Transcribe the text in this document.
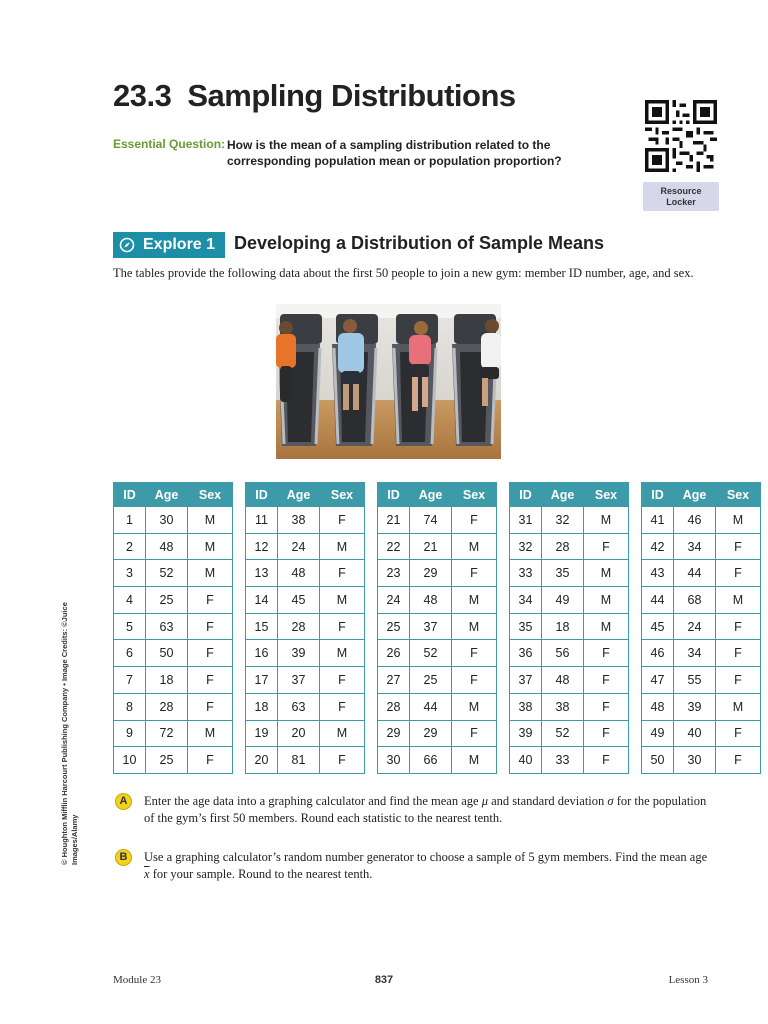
23.3 Sampling Distributions
Essential Question: How is the mean of a sampling distribution related to the corresponding population mean or population proportion?
Resource
Locker
Explore 1 Developing a Distribution of Sample Means
The tables provide the following data about the first 50 people to join a new gym: member ID number, age, and sex.
ID	Age	Sex
1	30	M
2	48	M
3	52	M
4	25	F
5	63	F
6	50	F
7	18	F
8	28	F
9	72	M
10	25	F
ID	Age	Sex
11	38	F
12	24	M
13	48	F
14	45	M
15	28	F
16	39	M
17	37	F
18	63	F
19	20	M
20	81	F
ID	Age	Sex
21	74	F
22	21	M
23	29	F
24	48	M
25	37	M
26	52	F
27	25	F
28	44	M
29	29	F
30	66	M
ID	Age	Sex
31	32	M
32	28	F
33	35	M
34	49	M
35	18	M
36	56	F
37	48	F
38	38	F
39	52	F
40	33	F
ID	Age	Sex
41	46	M
42	34	F
43	44	F
44	68	M
45	24	F
46	34	F
47	55	F
48	39	M
49	40	F
50	30	F
A	Enter the age data into a graphing calculator and find the mean age μ and standard deviation σ for the population of the gym’s first 50 members. Round each statistic to the nearest tenth.
B	Use a graphing calculator’s random number generator to choose a sample of 5 gym members. Find the mean age $\overline{x}$ for your sample. Round to the nearest tenth.
© Houghton Mifflin Harcourt Publishing Company • Image Credits: ©Juice Images/Alamy
Module 23	837	Lesson 3
